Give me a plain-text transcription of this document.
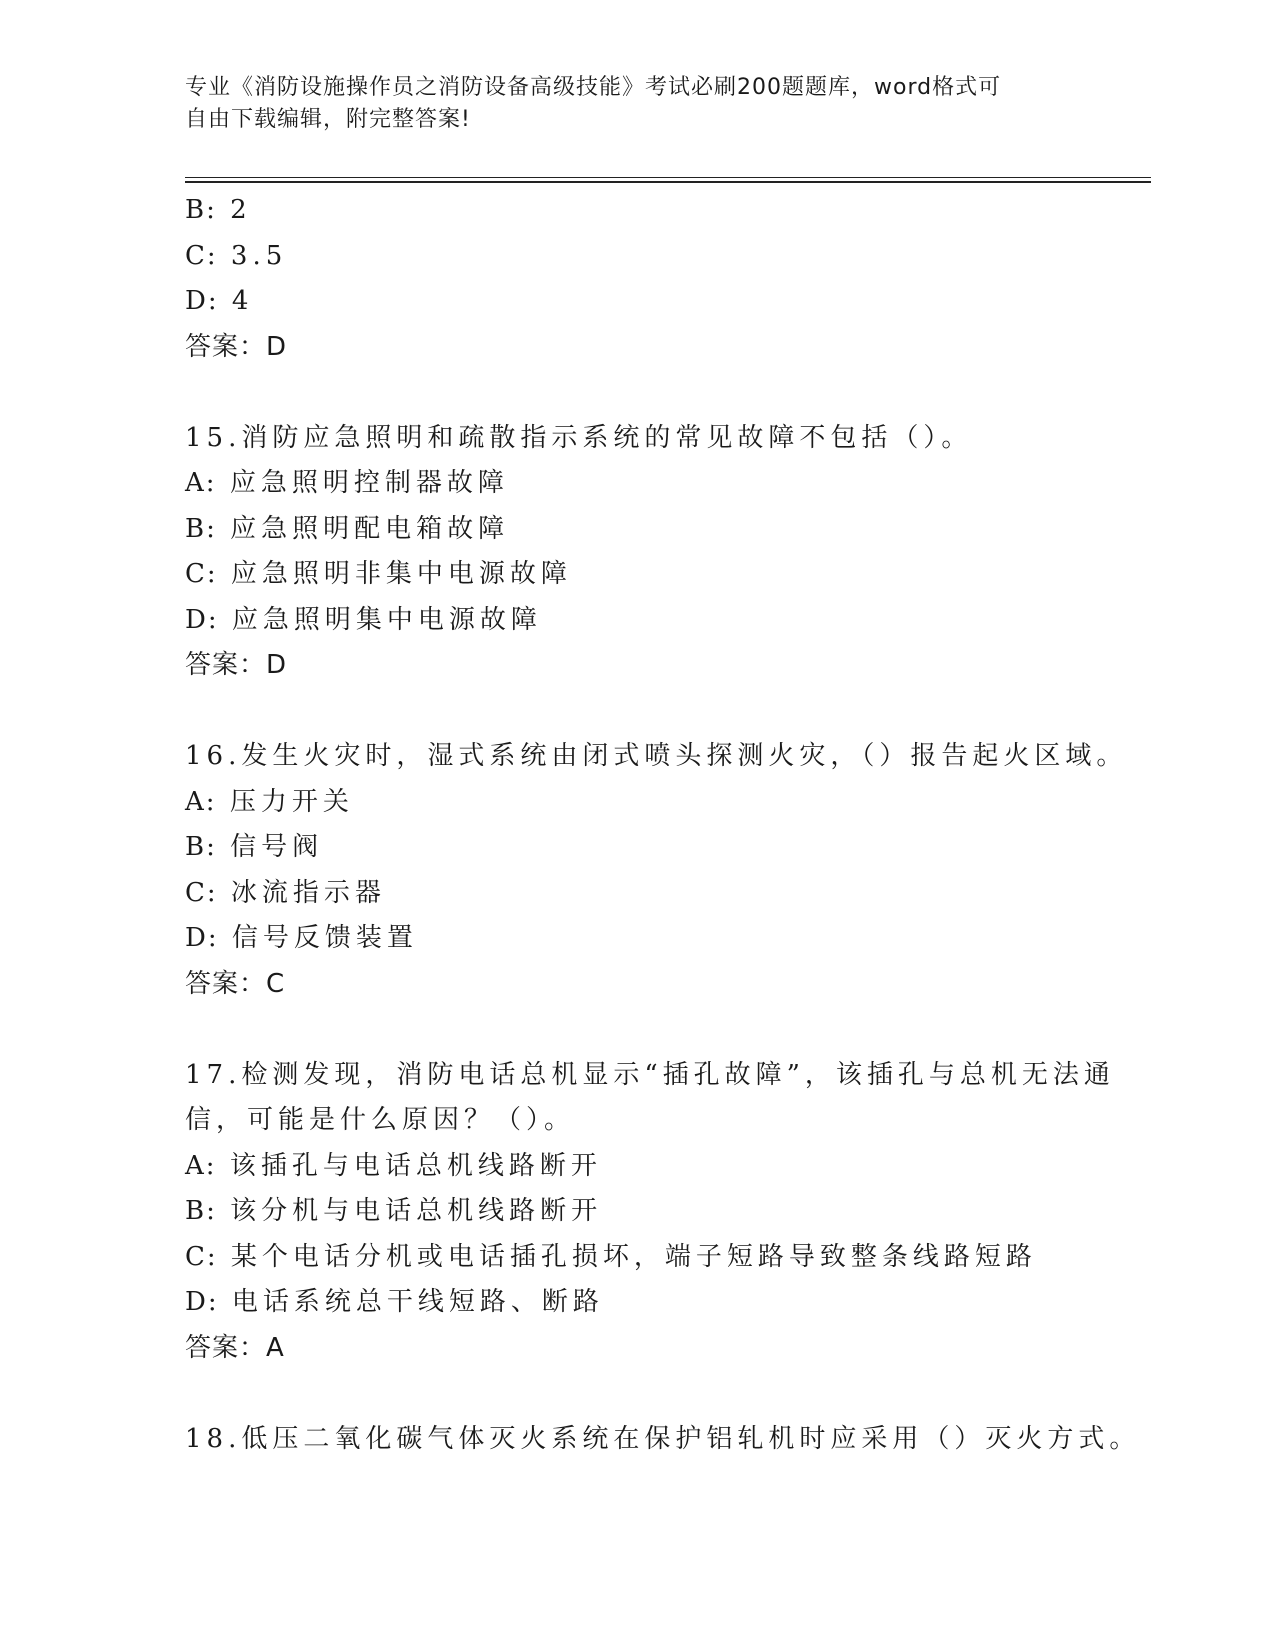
专业《消防设施操作员之消防设备高级技能》考试必刷200题题库，word格式可
自由下载编辑，附完整答案!
B: 2
C: 3.5
D: 4
答案：D
15.消防应急照明和疏散指示系统的常见故障不包括（）。
A: 应急照明控制器故障
B: 应急照明配电箱故障
C: 应急照明非集中电源故障
D: 应急照明集中电源故障
答案：D
16.发生火灾时，湿式系统由闭式喷头探测火灾，（）报告起火区域。
A: 压力开关
B: 信号阀
C: 冰流指示器
D: 信号反馈装置
答案：C
17.检测发现，消防电话总机显示“插孔故障”，该插孔与总机无法通
信，可能是什么原因？（）。
A: 该插孔与电话总机线路断开
B: 该分机与电话总机线路断开
C: 某个电话分机或电话插孔损坏，端子短路导致整条线路短路
D: 电话系统总干线短路、断路
答案：A
18.低压二氧化碳气体灭火系统在保护铝轧机时应采用（）灭火方式。
